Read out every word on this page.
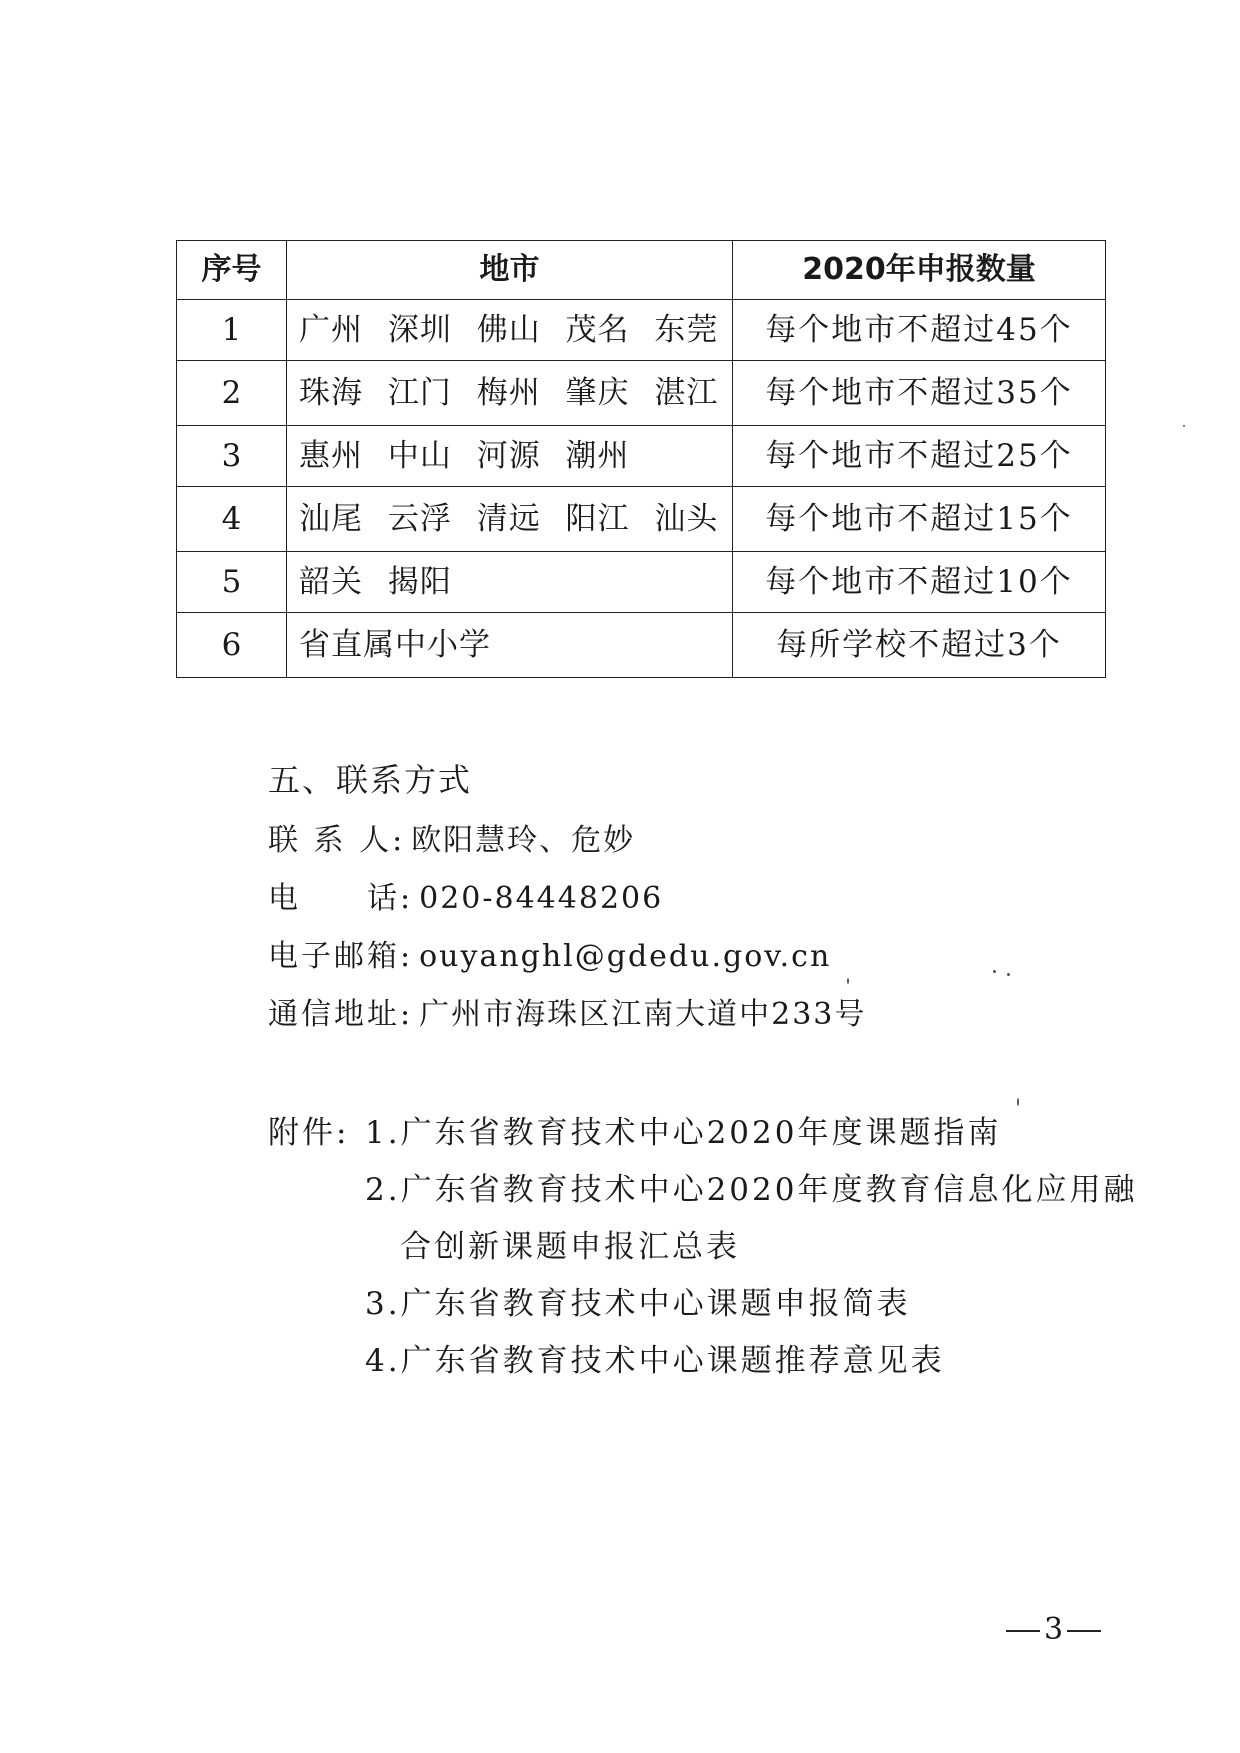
序号	地市	2020年申报数量
1	广州 深圳 佛山 茂名 东莞	每个地市不超过45个
2	珠海 江门 梅州 肇庆 湛江	每个地市不超过35个
3	惠州 中山 河源 潮州	每个地市不超过25个
4	汕尾 云浮 清远 阳江 汕头	每个地市不超过15个
5	韶关 揭阳	每个地市不超过10个
6	省直属中小学	每所学校不超过3个
五、联系方式
联 系 人: 欧阳慧玲、危妙
电　　话: 020-84448206
电子邮箱: ouyanghl@gdedu.gov.cn
通信地址: 广州市海珠区江南大道中233号
附件: 1.广东省教育技术中心2020年度课题指南
2.广东省教育技术中心2020年度教育信息化应用融
合创新课题申报汇总表
3.广东省教育技术中心课题申报简表
4.广东省教育技术中心课题推荐意见表
3
